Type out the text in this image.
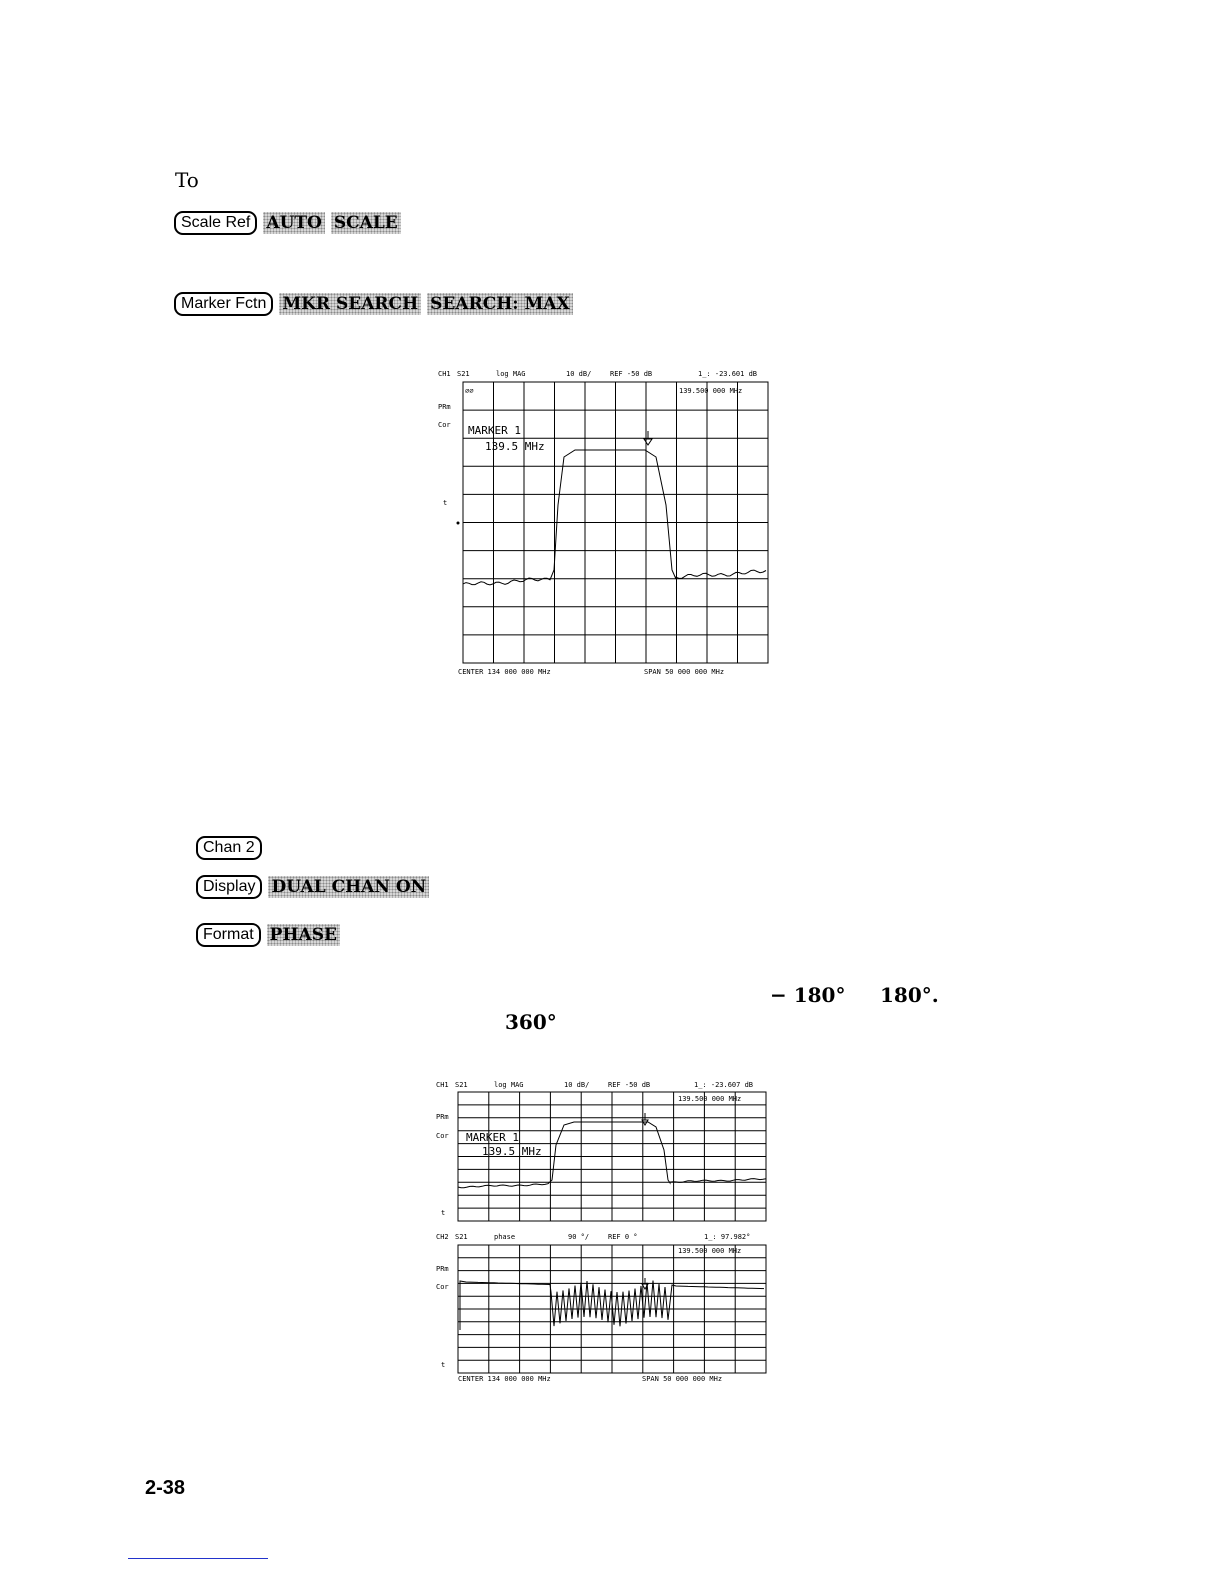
To
Scale Ref AUTO SCALE
Marker Fctn MKR SEARCH SEARCH: MAX
CH1 S21	log MAG	10 dB/	REF -50 dB	1_: -23.601 dB
PRm
Cor
t
∅∅	139.500 000 MHz
MARKER 1
139.5 MHz
CENTER 134 000 000 MHz	SPAN 50 000 000 MHz
Chan 2
Display DUAL CHAN ON
Format PHASE
− 180° 180°.
360°
CH1 S21	log MAG	10 dB/	REF -50 dB	1_: -23.607 dB
PRm
Cor
t
139.500 000 MHz
MARKER 1
139.5 MHz
CH2 S21	phase	90 °/	REF 0 °	1_: 97.982°
PRm
Cor
t
139.500 000 MHz
CENTER 134 000 000 MHz	SPAN 50 000 000 MHz
2-38
